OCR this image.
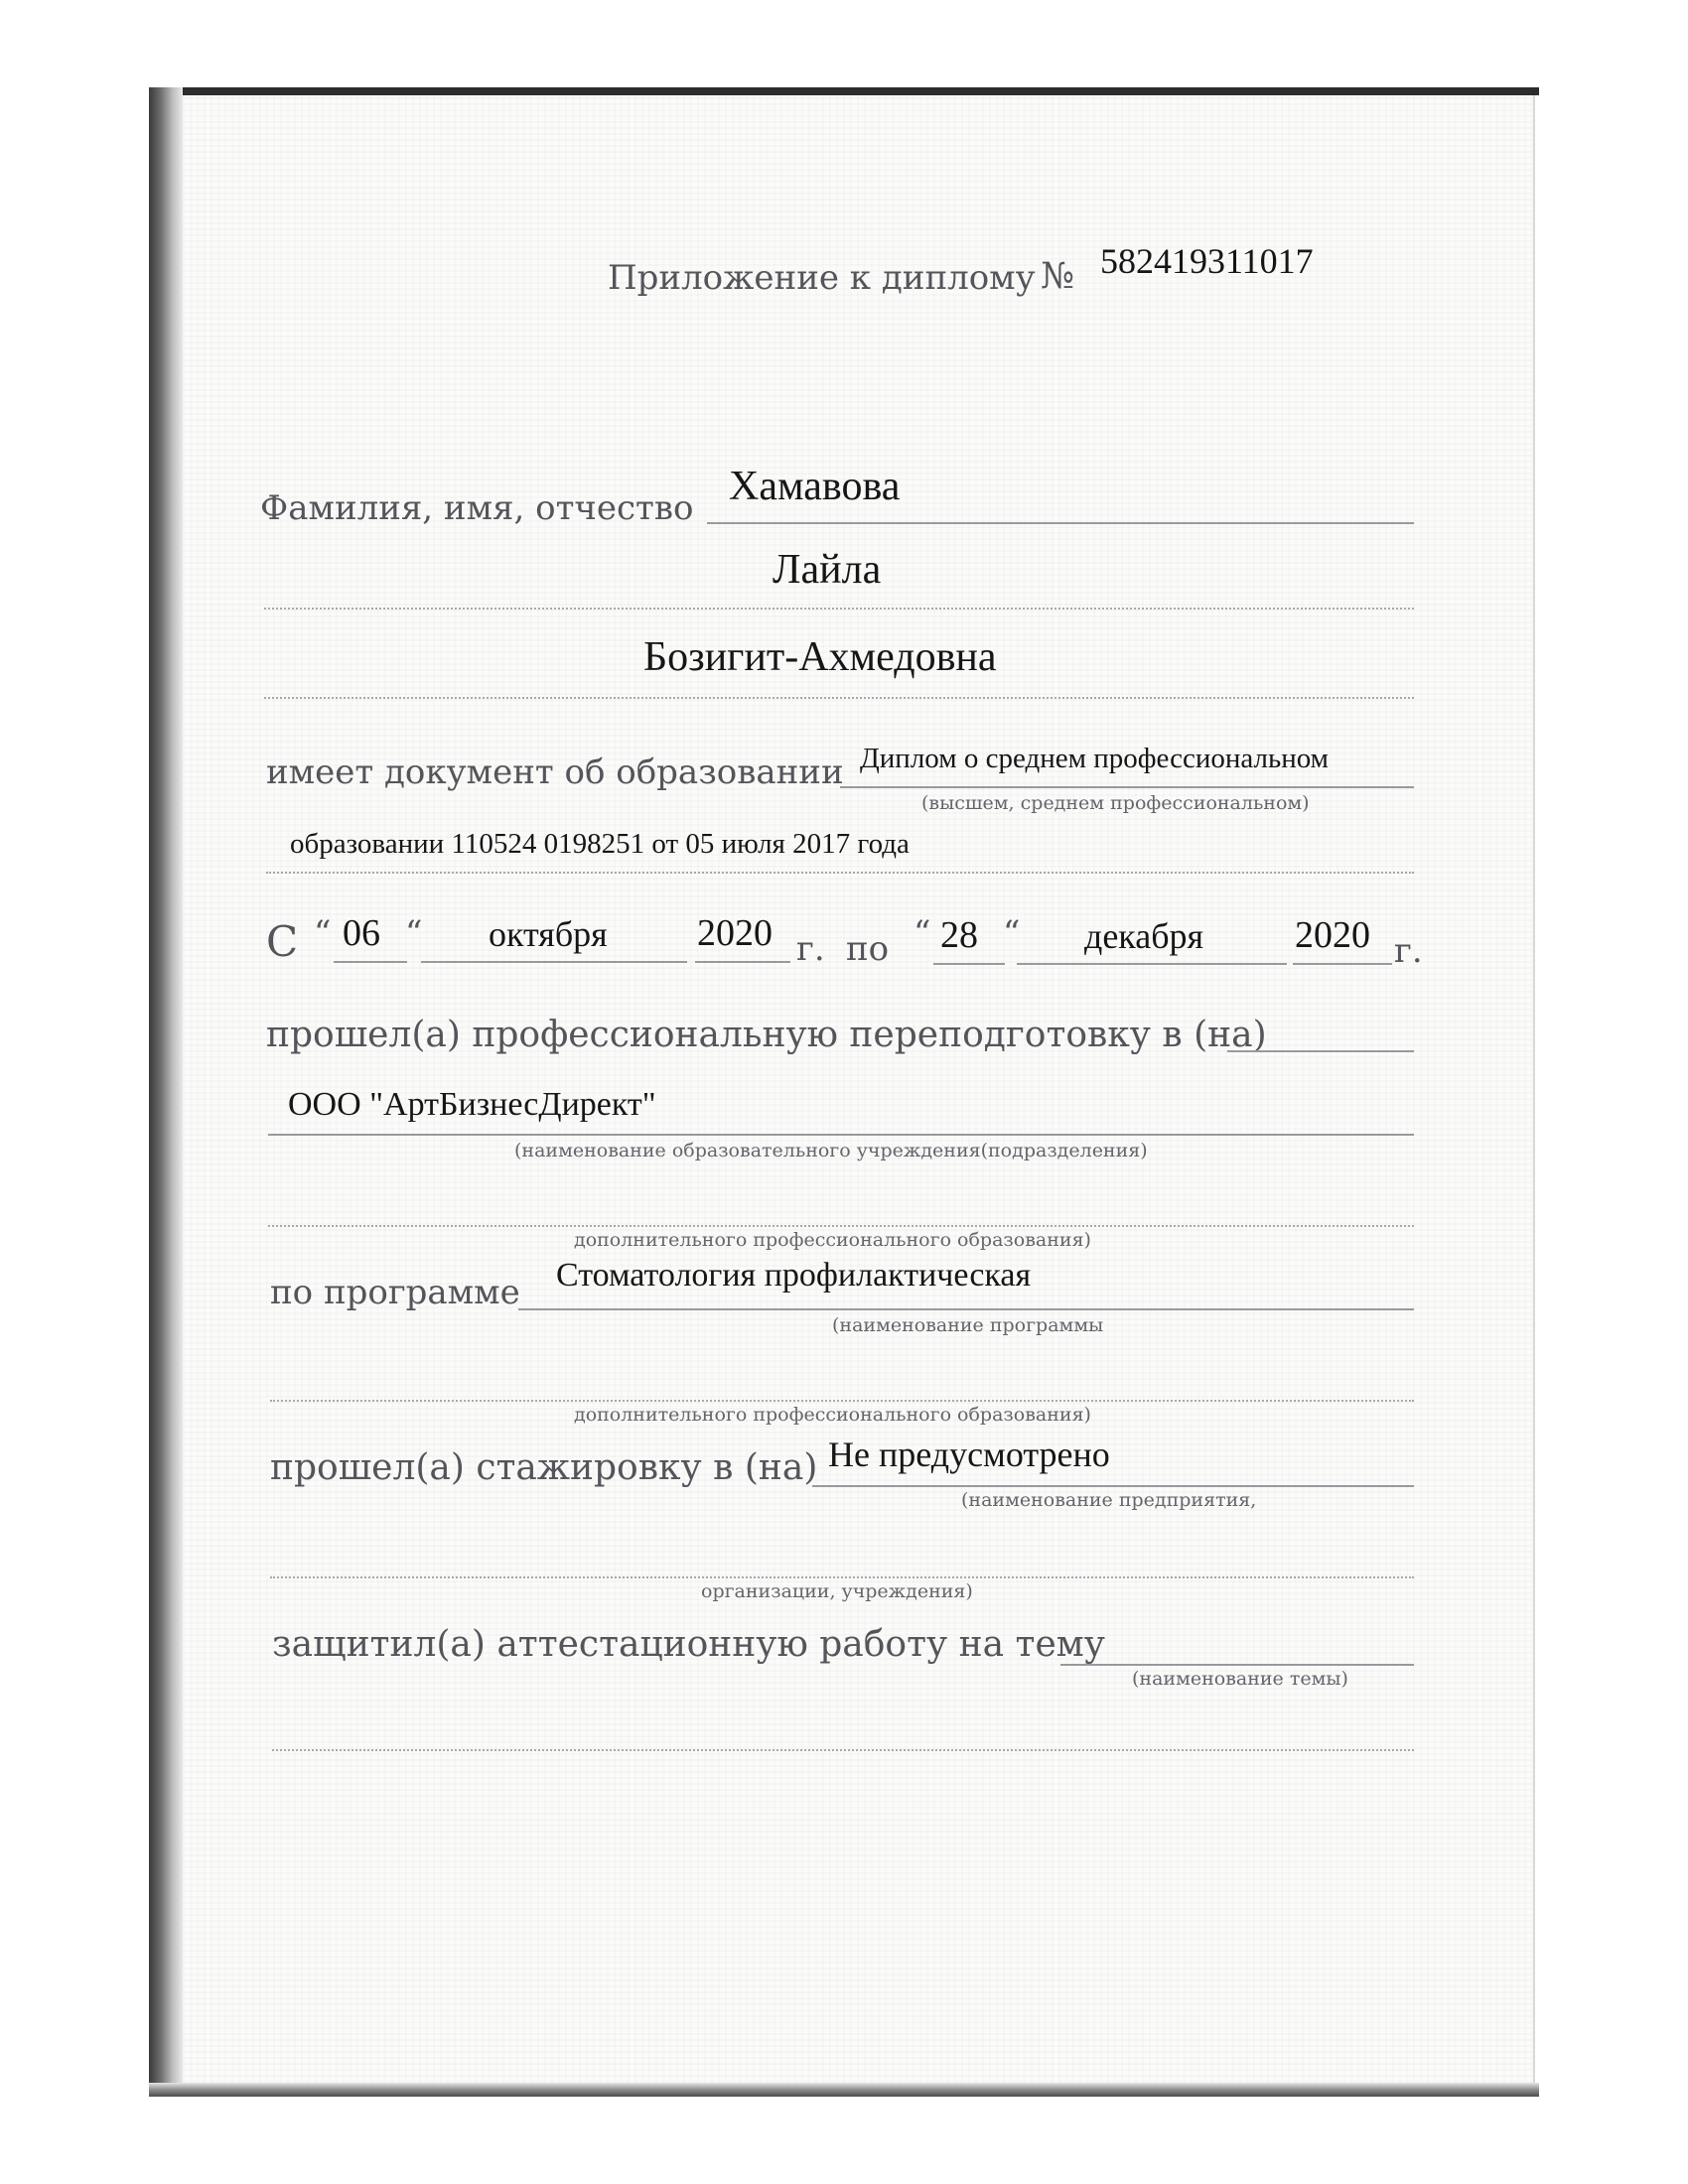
Приложение к диплому № 582419311017
Фамилия, имя, отчество Хамавова
Лайла
Бозигит-Ахмедовна
имеет документ об образовании Диплом о среднем профессиональном
(высшем, среднем профессиональном)
образовании 110524 0198251 от 05 июля 2017 года
С “ 06 “ октября 2020 г. по “ 28 “ декабря 2020 г.
прошел(а) профессиональную переподготовку в (на)
ООО "АртБизнесДирект"
(наименование образовательного учреждения(подразделения)
дополнительного профессионального образования)
по программе Стоматология профилактическая
(наименование программы
дополнительного профессионального образования)
прошел(а) стажировку в (на) Не предусмотрено
(наименование предприятия,
организации, учреждения)
защитил(а) аттестационную работу на тему
(наименование темы)
